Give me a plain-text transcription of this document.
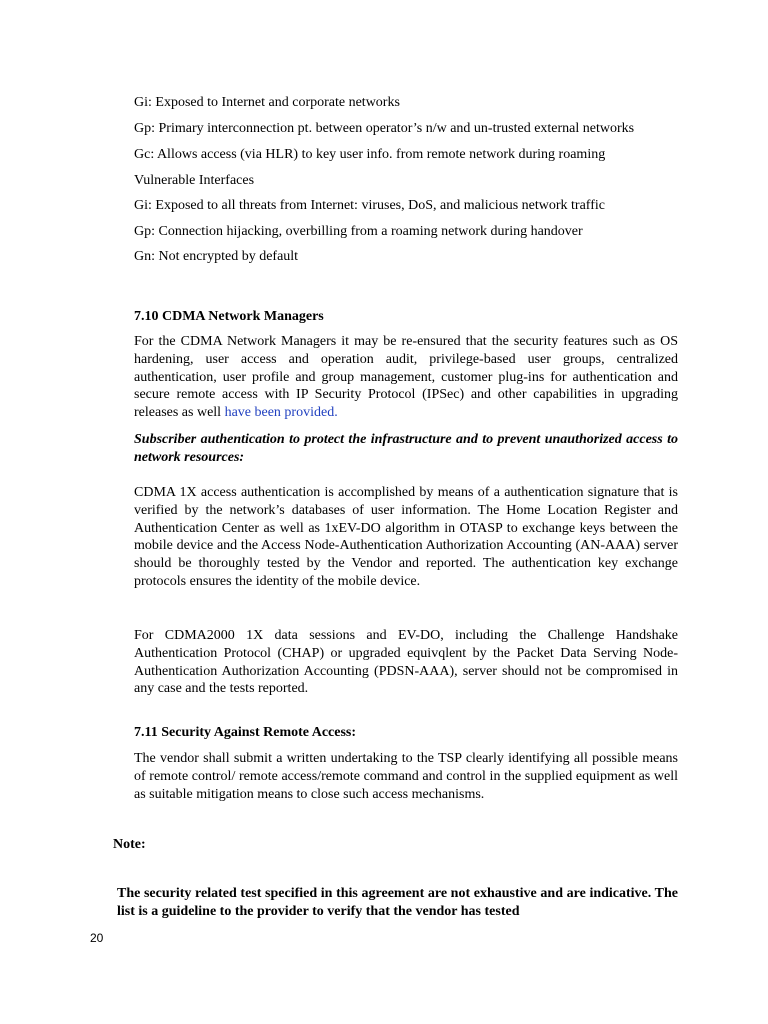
Gi: Exposed to Internet and corporate networks
Gp: Primary interconnection pt. between operator’s n/w and un-trusted external networks
Gc: Allows access (via HLR) to key user info. from remote network during roaming
Vulnerable Interfaces
Gi: Exposed to all threats from Internet: viruses, DoS, and malicious network traffic
Gp: Connection hijacking, overbilling from a roaming network during handover
Gn: Not encrypted by default
7.10 CDMA Network Managers
For the CDMA Network Managers it may be re-ensured that the security features such as OS hardening, user access and operation audit, privilege-based user groups, centralized authentication, user profile and group management, customer plug-ins for authentication and secure remote access with IP Security Protocol (IPSec) and other capabilities in upgrading releases as well have been provided.
Subscriber authentication to protect the infrastructure and to prevent unauthorized access to network resources:
CDMA 1X access authentication is accomplished by means of a authentication signature that is verified by the network’s databases of user information. The Home Location Register and Authentication Center as well as 1xEV-DO algorithm in OTASP to exchange keys between the mobile device and the Access Node-Authentication Authorization Accounting (AN-AAA) server should be thoroughly tested by the Vendor and reported. The authentication key exchange protocols ensures the identity of the mobile device.
For CDMA2000 1X data sessions and EV-DO, including the Challenge Handshake Authentication Protocol (CHAP) or upgraded equivqlent by the Packet Data Serving Node-Authentication Authorization Accounting (PDSN-AAA), server should not be compromised in any case and the tests reported.
7.11 Security Against Remote Access:
The vendor shall submit a written undertaking to the TSP clearly identifying all possible means of remote control/ remote access/remote command and control in the supplied equipment as well as suitable mitigation means to close such access mechanisms.
Note:
The security related test specified in this agreement are not exhaustive and are indicative. The list is a guideline to the provider to verify that the vendor has tested
20
